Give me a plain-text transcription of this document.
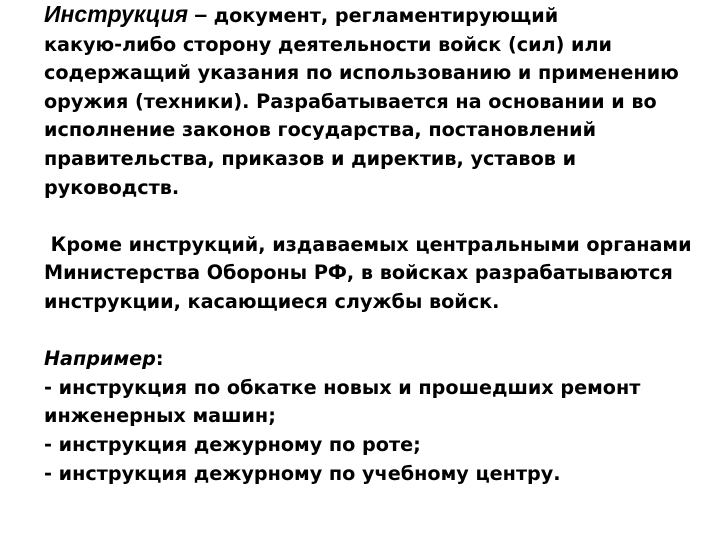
Инструкция – документ, регламентирующий
какую-либо сторону деятельности войск (сил) или
содержащий указания по использованию и применению
оружия (техники). Разрабатывается на основании и во
исполнение законов государства, постановлений
правительства, приказов и директив, уставов и
руководств.
Кроме инструкций, издаваемых центральными органами
Министерства Обороны РФ, в войсках разрабатываются
инструкции, касающиеся службы войск.
Например:
- инструкция по обкатке новых и прошедших ремонт
инженерных машин;
- инструкция дежурному по роте;
- инструкция дежурному по учебному центру.
